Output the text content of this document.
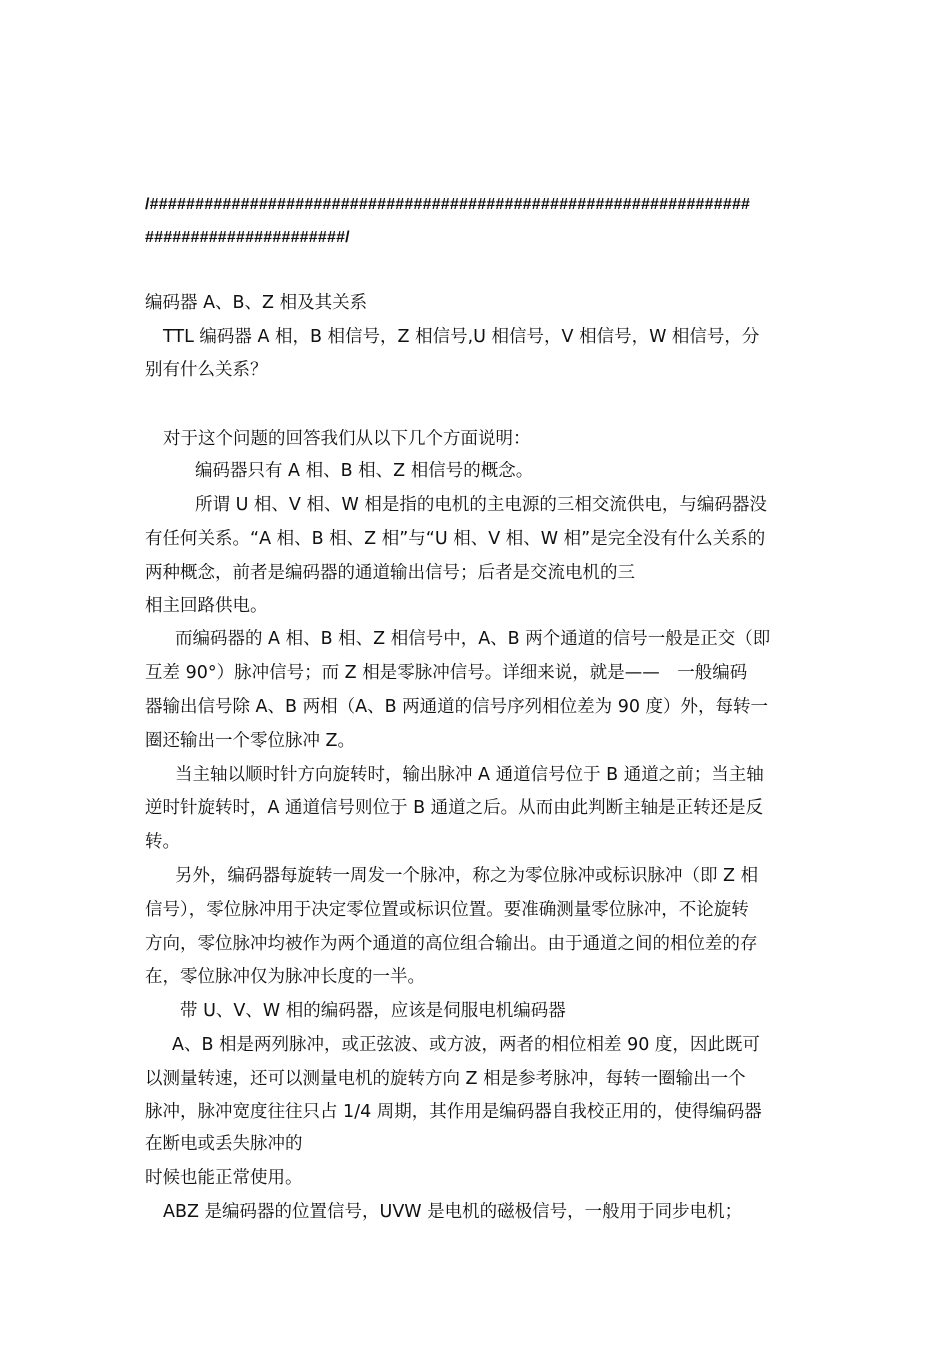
/##################################################################
######################/
编码器 A、B、Z 相及其关系
TTL 编码器 A 相，B 相信号，Z 相信号,U 相信号，V 相信号，W 相信号，分
别有什么关系？
对于这个问题的回答我们从以下几个方面说明：
编码器只有 A 相、B 相、Z 相信号的概念。
所谓 U 相、V 相、W 相是指的电机的主电源的三相交流供电，与编码器没
有任何关系。“A 相、B 相、Z 相”与“U 相、V 相、W 相”是完全没有什么关系的
两种概念，前者是编码器的通道输出信号；后者是交流电机的三
相主回路供电。
而编码器的 A 相、B 相、Z 相信号中，A、B 两个通道的信号一般是正交（即
互差 90°）脉冲信号；而 Z 相是零脉冲信号。详细来说，就是——　一般编码
器输出信号除 A、B 两相（A、B 两通道的信号序列相位差为 90 度）外，每转一
圈还输出一个零位脉冲 Z。
当主轴以顺时针方向旋转时，输出脉冲 A 通道信号位于 B 通道之前；当主轴
逆时针旋转时，A 通道信号则位于 B 通道之后。从而由此判断主轴是正转还是反
转。
另外，编码器每旋转一周发一个脉冲，称之为零位脉冲或标识脉冲（即 Z 相
信号），零位脉冲用于决定零位置或标识位置。要准确测量零位脉冲，不论旋转
方向，零位脉冲均被作为两个通道的高位组合输出。由于通道之间的相位差的存
在，零位脉冲仅为脉冲长度的一半。
带 U、V、W 相的编码器，应该是伺服电机编码器
A、B 相是两列脉冲，或正弦波、或方波，两者的相位相差 90 度，因此既可
以测量转速，还可以测量电机的旋转方向 Z 相是参考脉冲，每转一圈输出一个
脉冲，脉冲宽度往往只占 1/4 周期，其作用是编码器自我校正用的，使得编码器
在断电或丢失脉冲的
时候也能正常使用。
ABZ 是编码器的位置信号，UVW 是电机的磁极信号，一般用于同步电机；
